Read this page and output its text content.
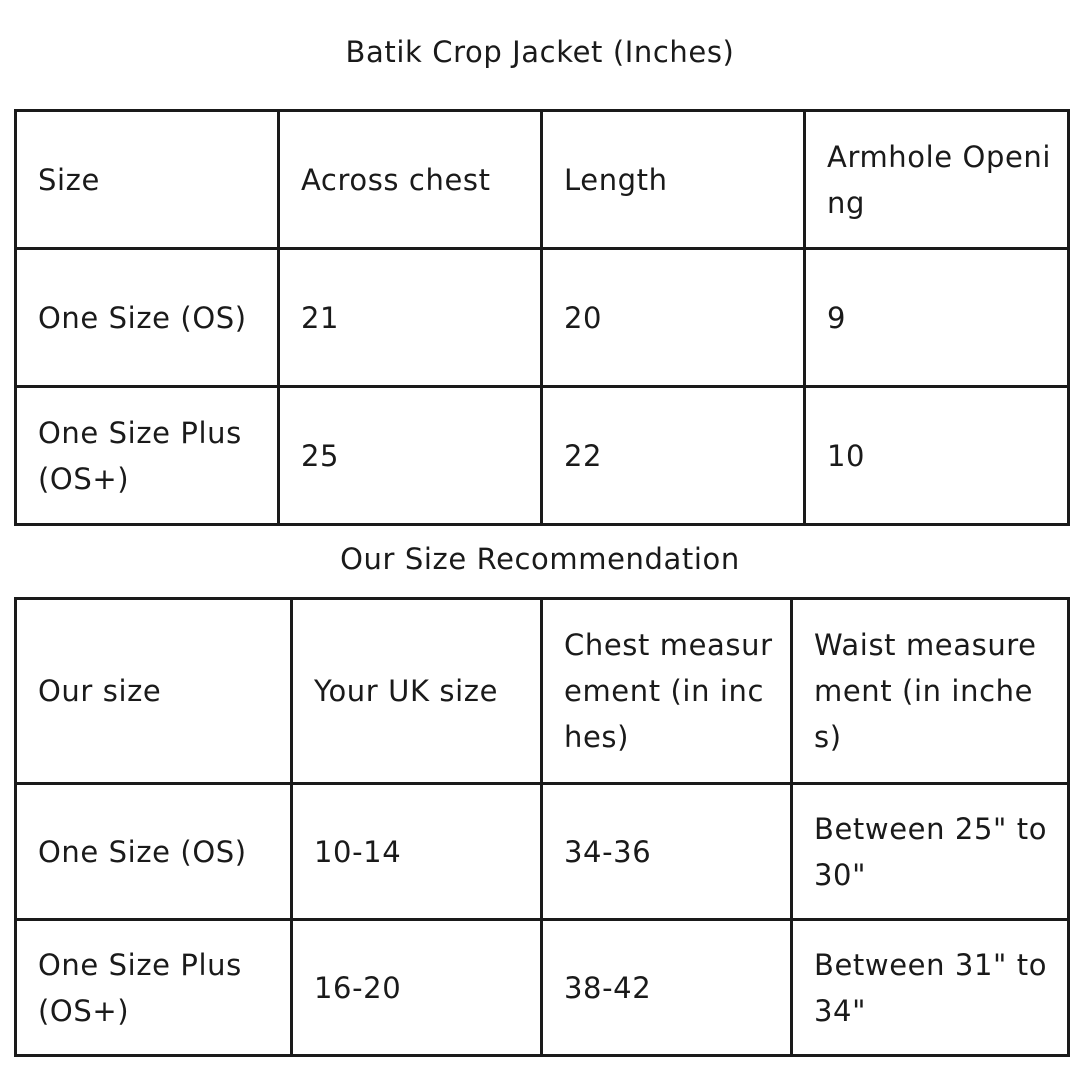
Batik Crop Jacket (Inches)
Size	Across chest	Length	Armhole Opening
One Size (OS)	21	20	9
One Size Plus (OS+)	25	22	10
Our Size Recommendation
Our size	Your UK size	Chest measurement (in inches)	Waist measurement (in inches)
One Size (OS)	10-14	34-36	Between 25" to 30"
One Size Plus (OS+)	16-20	38-42	Between 31" to 34"
